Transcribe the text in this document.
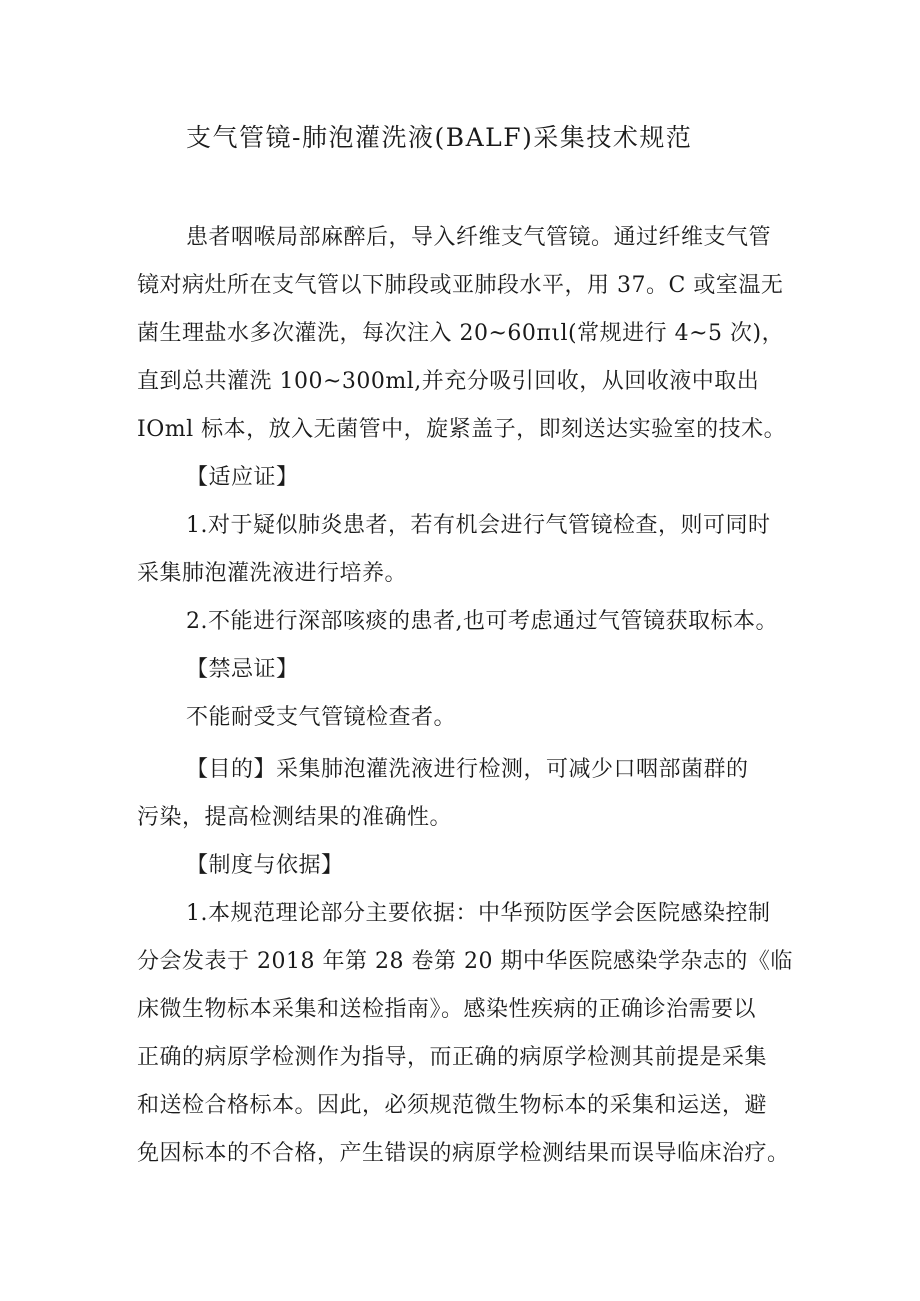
支气管镜-肺泡灌洗液(BALF)采集技术规范
患者咽喉局部麻醉后，导入纤维支气管镜。通过纤维支气管
镜对病灶所在支气管以下肺段或亚肺段水平，用 37。C 或室温无
菌生理盐水多次灌洗，每次注入 20~60πιl(常规进行 4~5 次)，
直到总共灌洗 100~300ml,并充分吸引回收，从回收液中取出
IOml 标本，放入无菌管中，旋紧盖子，即刻送达实验室的技术。
【适应证】
1.对于疑似肺炎患者，若有机会进行气管镜检查，则可同时
采集肺泡灌洗液进行培养。
2.不能进行深部咳痰的患者,也可考虑通过气管镜获取标本。
【禁忌证】
不能耐受支气管镜检查者。
【目的】采集肺泡灌洗液进行检测，可减少口咽部菌群的
污染，提高检测结果的准确性。
【制度与依据】
1.本规范理论部分主要依据：中华预防医学会医院感染控制
分会发表于 2018 年第 28 卷第 20 期中华医院感染学杂志的《临
床微生物标本采集和送检指南》。感染性疾病的正确诊治需要以
正确的病原学检测作为指导，而正确的病原学检测其前提是采集
和送检合格标本。因此，必须规范微生物标本的采集和运送，避
免因标本的不合格，产生错误的病原学检测结果而误导临床治疗。
